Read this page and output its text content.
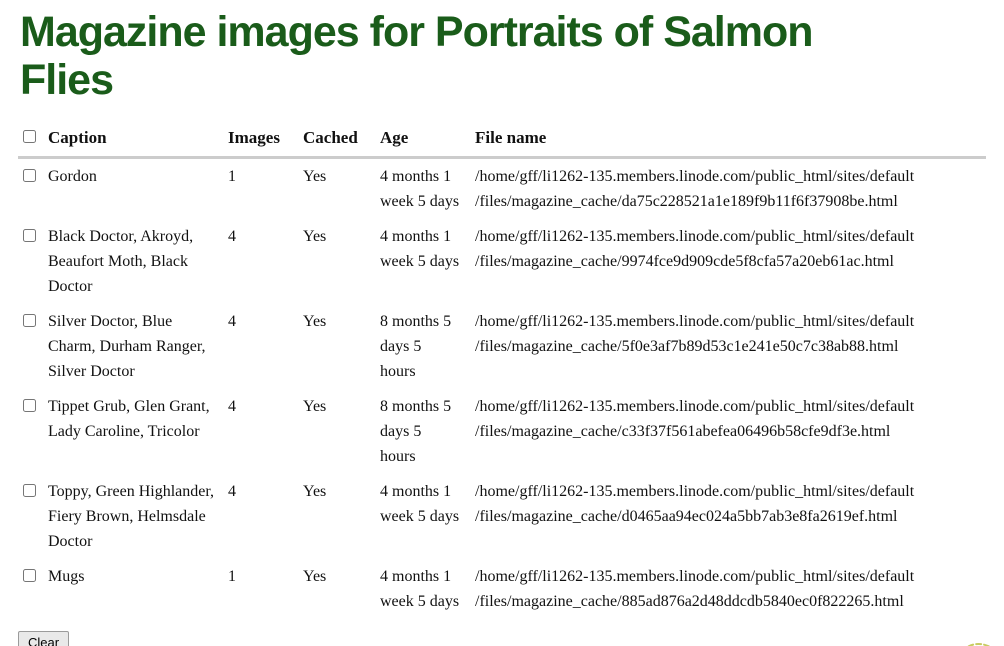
Magazine images for Portraits of Salmon Flies
	Caption	Images	Cached	Age	File name
	Gordon	1	Yes	4 months 1
week 5 days	/home/gff/li1262-135.members.linode.com/public_html/sites/default
/files/magazine_cache/da75c228521a1e189f9b11f6f37908be.html

	Black Doctor, Akroyd, Beaufort Moth, Black Doctor	4	Yes	4 months 1
week 5 days	/home/gff/li1262-135.members.linode.com/public_html/sites/default
/files/magazine_cache/9974fce9d909cde5f8cfa57a20eb61ac.html

	Silver Doctor, Blue Charm, Durham Ranger, Silver Doctor	4	Yes	8 months 5
days 5
hours	/home/gff/li1262-135.members.linode.com/public_html/sites/default
/files/magazine_cache/5f0e3af7b89d53c1e241e50c7c38ab88.html

	Tippet Grub, Glen Grant, Lady Caroline, Tricolor	4	Yes	8 months 5
days 5
hours	/home/gff/li1262-135.members.linode.com/public_html/sites/default
/files/magazine_cache/c33f37f561abefea06496b58cfe9df3e.html

	Toppy, Green Highlander, Fiery Brown, Helmsdale Doctor	4	Yes	4 months 1
week 5 days	/home/gff/li1262-135.members.linode.com/public_html/sites/default
/files/magazine_cache/d0465aa94ec024a5bb7ab3e8fa2619ef.html

	Mugs	1	Yes	4 months 1
week 5 days	/home/gff/li1262-135.members.linode.com/public_html/sites/default
/files/magazine_cache/885ad876a2d48ddcdb5840ec0f822265.html
Clear
